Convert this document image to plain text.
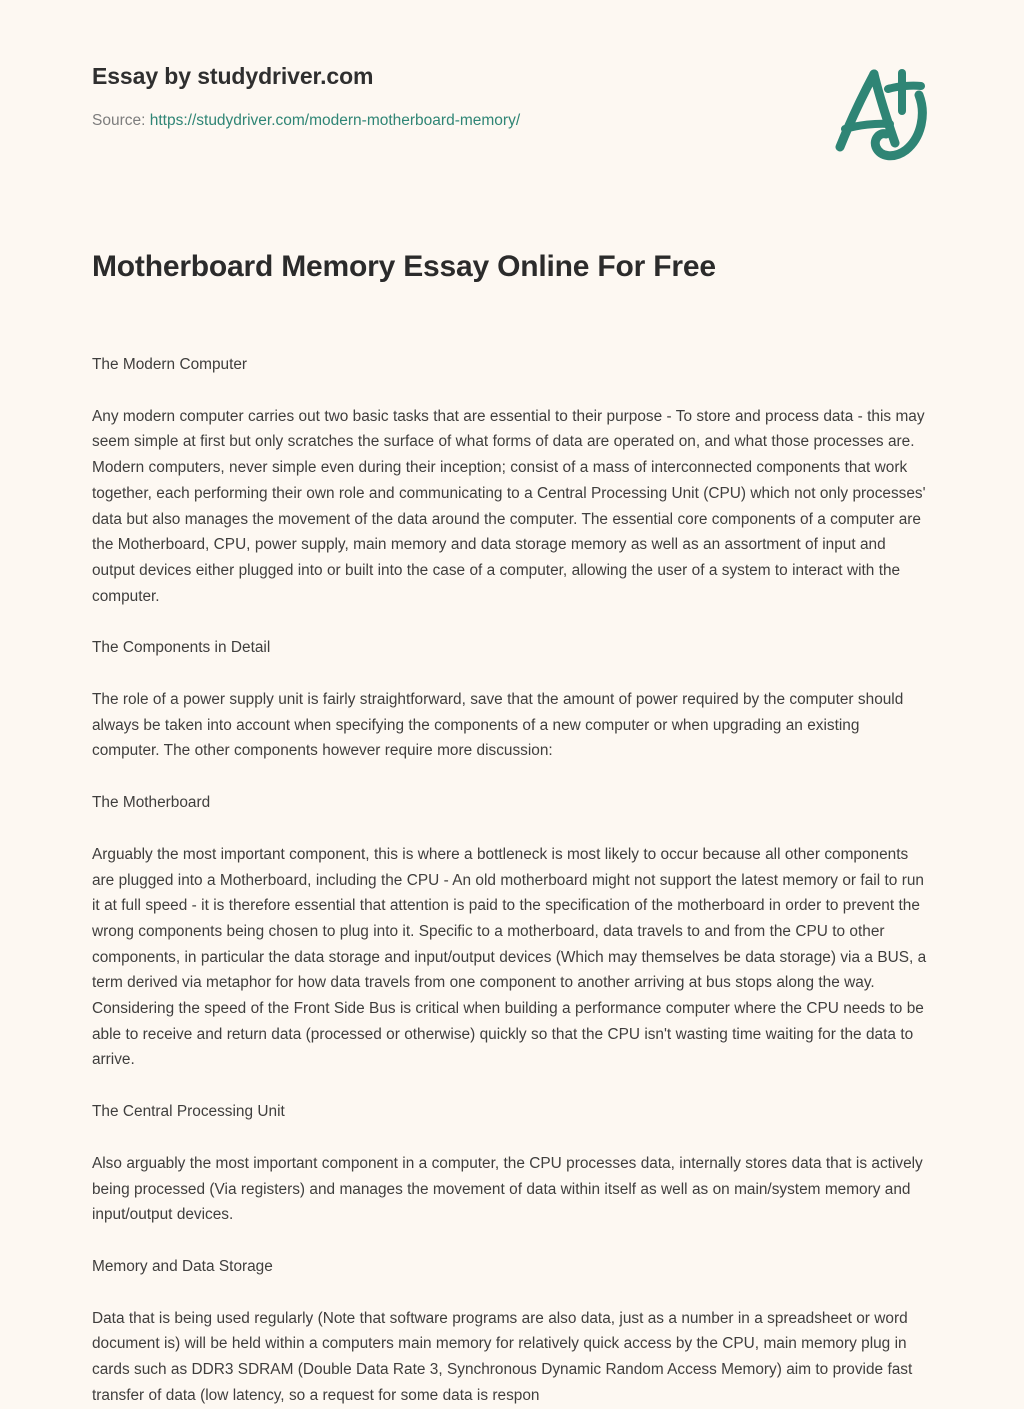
Essay by studydriver.com
Source: https://studydriver.com/modern-motherboard-memory/
Motherboard Memory Essay Online For Free

The Modern Computer

Any modern computer carries out two basic tasks that are essential to their purpose - To store and process data - this may seem simple at first but only scratches the surface of what forms of data are operated on, and what those processes are. Modern computers, never simple even during their inception; consist of a mass of interconnected components that work together, each performing their own role and communicating to a Central Processing Unit (CPU) which not only processes' data but also manages the movement of the data around the computer. The essential core components of a computer are the Motherboard, CPU, power supply, main memory and data storage memory as well as an assortment of input and output devices either plugged into or built into the case of a computer, allowing the user of a system to interact with the computer.

The Components in Detail

The role of a power supply unit is fairly straightforward, save that the amount of power required by the computer should always be taken into account when specifying the components of a new computer or when upgrading an existing computer. The other components however require more discussion:

The Motherboard

Arguably the most important component, this is where a bottleneck is most likely to occur because all other components are plugged into a Motherboard, including the CPU - An old motherboard might not support the latest memory or fail to run it at full speed - it is therefore essential that attention is paid to the specification of the motherboard in order to prevent the wrong components being chosen to plug into it. Specific to a motherboard, data travels to and from the CPU to other components, in particular the data storage and input/output devices (Which may themselves be data storage) via a BUS, a term derived via metaphor for how data travels from one component to another arriving at bus stops along the way. Considering the speed of the Front Side Bus is critical when building a performance computer where the CPU needs to be able to receive and return data (processed or otherwise) quickly so that the CPU isn't wasting time waiting for the data to arrive.

The Central Processing Unit

Also arguably the most important component in a computer, the CPU processes data, internally stores data that is actively being processed (Via registers) and manages the movement of data within itself as well as on main/system memory and input/output devices.

Memory and Data Storage

Data that is being used regularly (Note that software programs are also data, just as a number in a spreadsheet or word document is) will be held within a computers main memory for relatively quick access by the CPU, main memory plug in cards such as DDR3 SDRAM (Double Data Rate 3, Synchronous Dynamic Random Access Memory) aim to provide fast transfer of data (low latency, so a request for some data is respon
